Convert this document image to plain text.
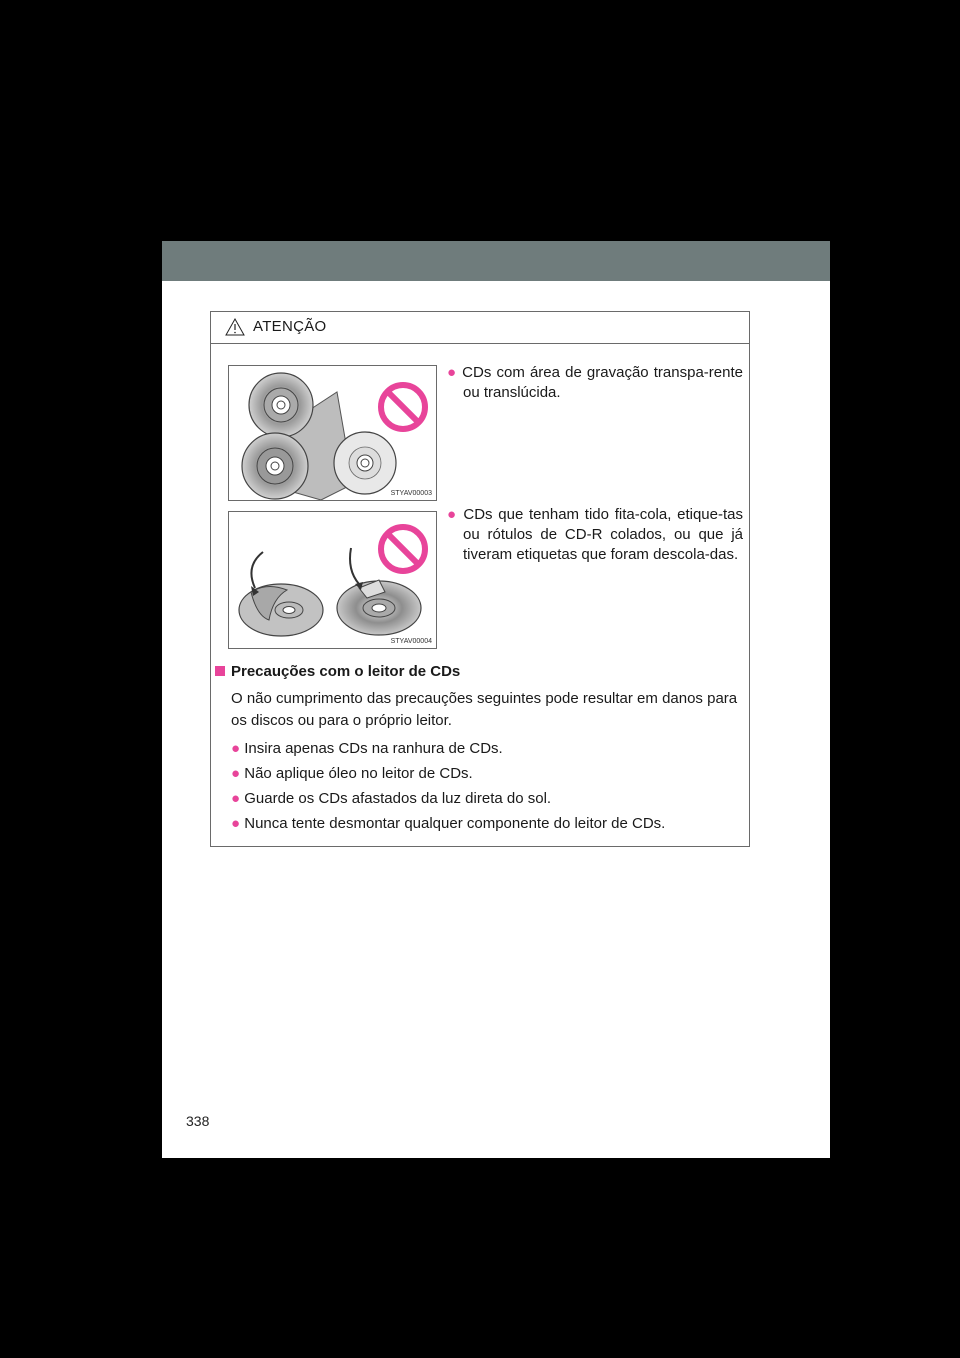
ATENÇÃO
STYAV00003
● CDs com área de gravação transpa-rente ou translúcida.
STYAV00004
● CDs que tenham tido fita-cola, etique-tas ou rótulos de CD-R colados, ou que já tiveram etiquetas que foram descola-das.
Precauções com o leitor de CDs
O não cumprimento das precauções seguintes pode resultar em danos para os discos ou para o próprio leitor.
● Insira apenas CDs na ranhura de CDs.
● Não aplique óleo no leitor de CDs.
● Guarde os CDs afastados da luz direta do sol.
● Nunca tente desmontar qualquer componente do leitor de CDs.
338
